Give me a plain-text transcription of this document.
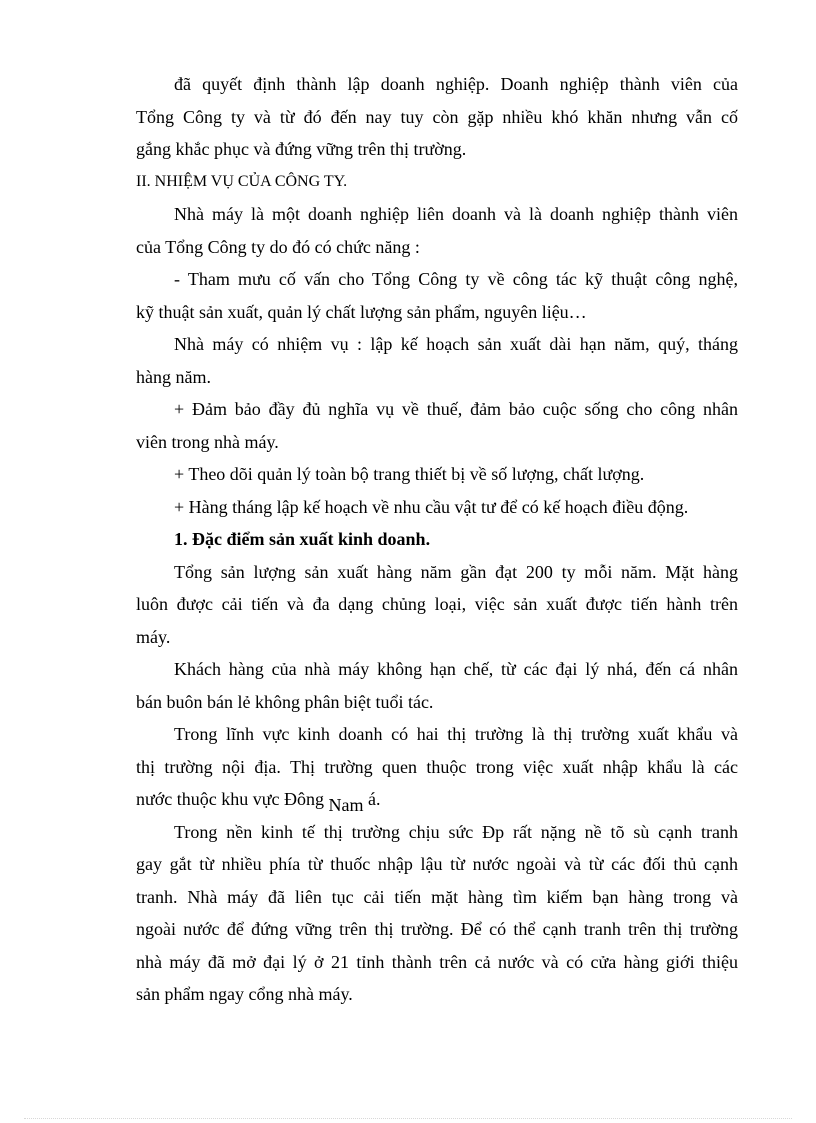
đã quyết định thành lập doanh nghiệp. Doanh nghiệp thành viên của

Tổng Công ty và từ đó đến nay tuy còn gặp nhiều khó khăn nhưng vẫn cố

gắng khắc phục và đứng vững trên thị trường.

II. NHIỆM VỤ CỦA CÔNG TY.

Nhà máy là một doanh nghiệp liên doanh và là doanh nghiệp thành viên

của Tổng Công ty do đó có chức năng :

- Tham mưu cố vấn cho Tổng Công ty về công tác kỹ thuật công nghệ,

kỹ thuật sản xuất, quản lý chất lượng sản phẩm, nguyên liệu…

Nhà máy có nhiệm vụ : lập kế hoạch sản xuất dài hạn năm, quý, tháng

hàng năm.

+ Đảm bảo đầy đủ nghĩa vụ về thuế, đảm bảo cuộc sống cho công nhân

viên trong nhà máy.

+ Theo dõi quản lý toàn bộ trang thiết bị về số lượng, chất lượng.

+ Hàng tháng lập kế hoạch về nhu cầu vật tư để có kế hoạch điều động.

1. Đặc điểm sản xuất kinh doanh.

Tổng sản lượng sản xuất hàng năm gần đạt 200 ty mỗi năm. Mặt hàng

luôn được cải tiến và đa dạng chủng loại, việc sản xuất được tiến hành trên

máy.

Khách hàng của nhà máy không hạn chế, từ các đại lý nhá, đến cá nhân

bán buôn bán lẻ không phân biệt tuổi tác.

Trong lĩnh vực kinh doanh có hai thị trường là thị trường xuất khẩu và

thị trường nội địa. Thị trường quen thuộc trong việc xuất nhập khẩu là các

nước thuộc khu vực Đông Nam á.

Trong nền kinh tế thị trường chịu sức Đp rất nặng nề tõ sù cạnh tranh

gay gắt từ nhiều phía từ thuốc nhập lậu từ nước ngoài và từ các đối thủ cạnh

tranh. Nhà máy đã liên tục cải tiến mặt hàng tìm kiếm bạn hàng trong và

ngoài nước để đứng vững trên thị trường. Để có thể cạnh tranh trên thị trường

nhà máy đã mở đại lý ở 21 tỉnh thành trên cả nước và có cửa hàng giới thiệu

sản phẩm ngay cổng nhà máy.
